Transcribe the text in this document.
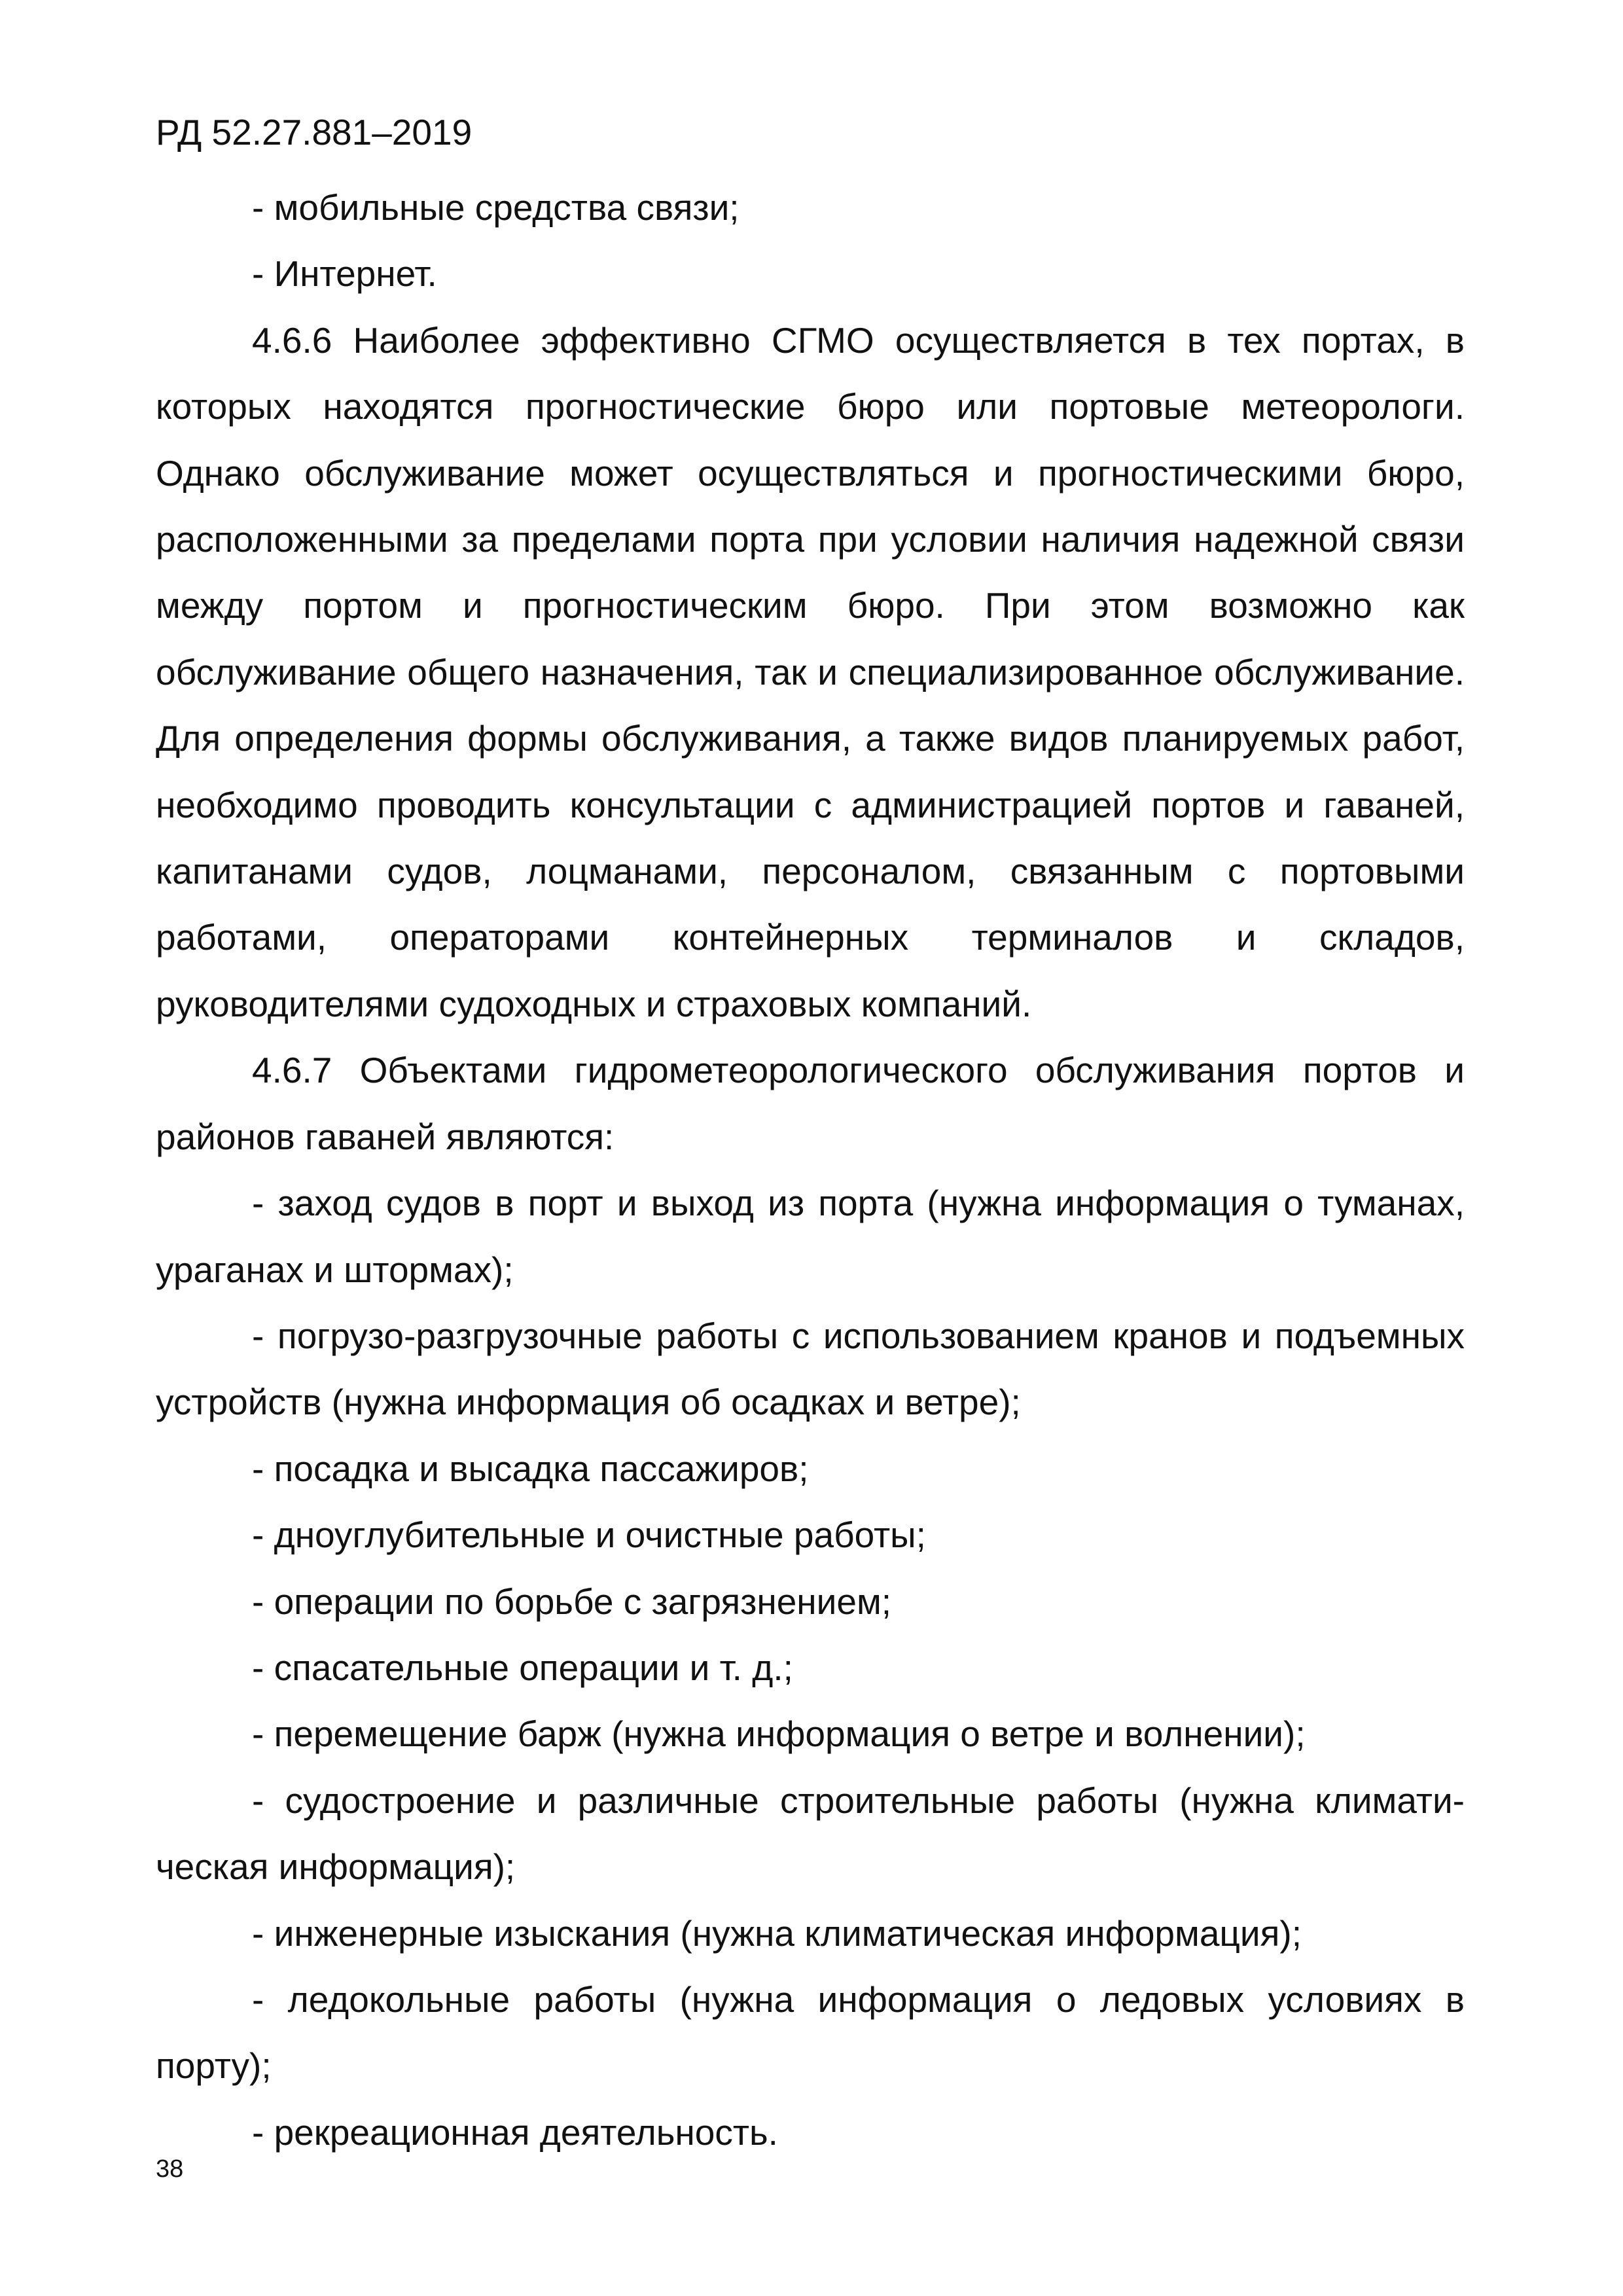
РД 52.27.881–2019

- мобильные средства связи;

- Интернет.

4.6.6 Наиболее эффективно СГМО осуществляется в тех портах, в которых находятся прогностические бюро или портовые метеорологи. Однако обслуживание может осуществляться и прогностическими бюро, расположенными за пределами порта при условии наличия надежной связи между портом и прогностическим бюро. При этом возможно как обслуживание общего назначения, так и специализированное обслуживание. Для определения формы обслуживания, а также видов планируемых работ, необходимо проводить консультации с администрацией портов и гаваней, капитанами судов, лоцманами, персоналом, связанным с портовыми работами, операторами контейнерных терминалов и складов, руководителями судоходных и страховых компаний.

4.6.7 Объектами гидрометеорологического обслуживания портов и районов гаваней являются:

- заход судов в порт и выход из порта (нужна информация о туманах, ураганах и штормах);

- погрузо-разгрузочные работы с использованием кранов и подъемных устройств (нужна информация об осадках и ветре);

- посадка и высадка пассажиров;

- дноуглубительные и очистные работы;

- операции по борьбе с загрязнением;

- спасательные операции и т. д.;

- перемещение барж (нужна информация о ветре и волнении);

- судостроение и различные строительные работы (нужна климатическая информация);

- инженерные изыскания (нужна климатическая информация);

- ледокольные работы (нужна информация о ледовых условиях в порту);

- рекреационная деятельность.

38
